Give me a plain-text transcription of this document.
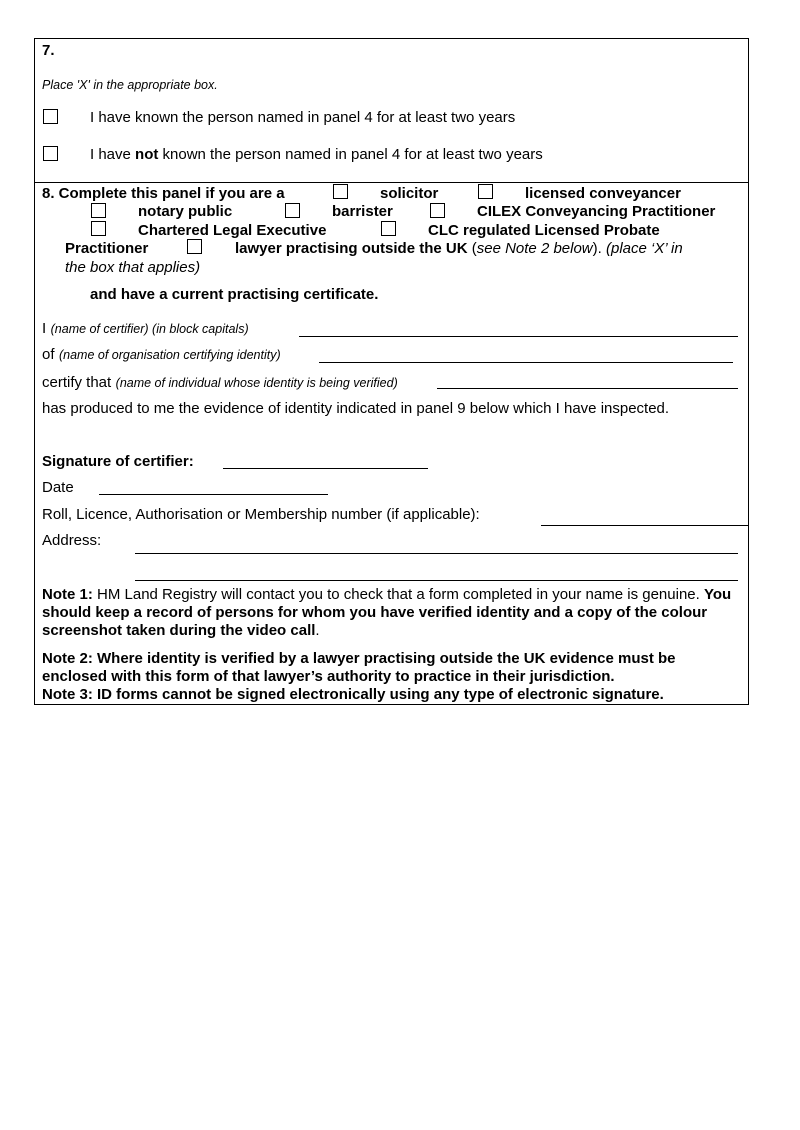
7.
Place 'X' in the appropriate box.
I have known the person named in panel 4 for at least two years
I have not known the person named in panel 4 for at least two years
8. Complete this panel if you are a	solicitor	licensed conveyancer
notary public	barrister	CILEX Conveyancing Practitioner
Chartered Legal Executive	CLC regulated Licensed Probate
Practitioner	lawyer practising outside the UK (see Note 2 below). (place ‘X’ in
the box that applies)
and have a current practising certificate.
I (name of certifier) (in block capitals)
of (name of organisation certifying identity)
certify that (name of individual whose identity is being verified)
has produced to me the evidence of identity indicated in panel 9 below which I have inspected.
Signature of certifier:
Date
Roll, Licence, Authorisation or Membership number (if applicable):
Address:
Note 1: HM Land Registry will contact you to check that a form completed in your name is genuine. You should keep a record of persons for whom you have verified identity and a copy of the colour screenshot taken during the video call.
Note 2: Where identity is verified by a lawyer practising outside the UK evidence must be enclosed with this form of that lawyer’s authority to practice in their jurisdiction.
Note 3: ID forms cannot be signed electronically using any type of electronic signature.
